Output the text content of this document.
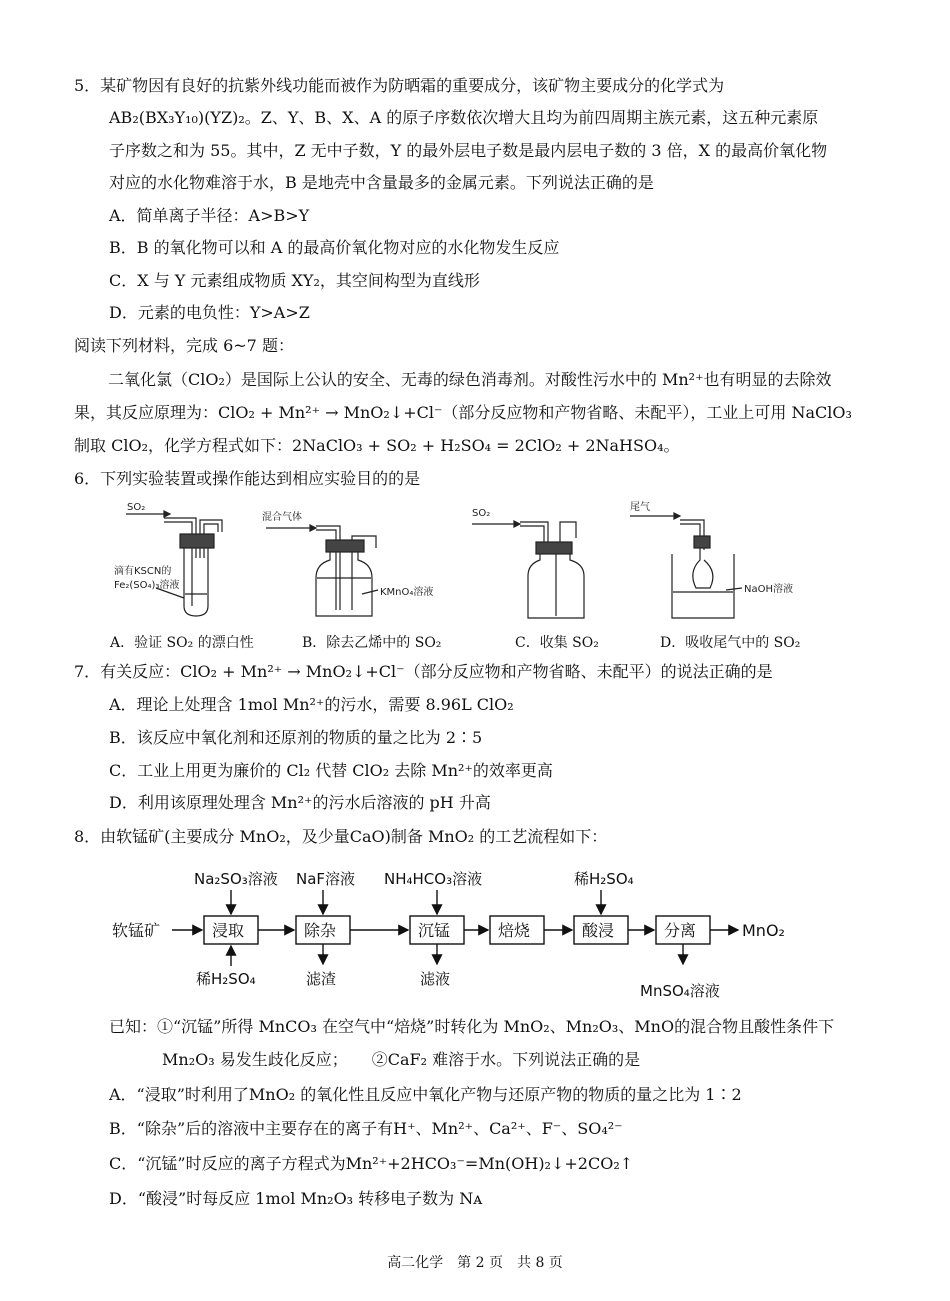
5．某矿物因有良好的抗紫外线功能而被作为防晒霜的重要成分，该矿物主要成分的化学式为
AB₂(BX₃Y₁₀)(YZ)₂。Z、Y、B、X、A 的原子序数依次增大且均为前四周期主族元素，这五种元素原
子序数之和为 55。其中，Z 无中子数，Y 的最外层电子数是最内层电子数的 3 倍，X 的最高价氧化物
对应的水化物难溶于水，B 是地壳中含量最多的金属元素。下列说法正确的是
A．简单离子半径：A>B>Y
B．B 的氧化物可以和 A 的最高价氧化物对应的水化物发生反应
C．X 与 Y 元素组成物质 XY₂，其空间构型为直线形
D．元素的电负性：Y>A>Z
阅读下列材料，完成 6~7 题：
二氧化氯（ClO₂）是国际上公认的安全、无毒的绿色消毒剂。对酸性污水中的 Mn²⁺也有明显的去除效
果，其反应原理为：ClO₂ + Mn²⁺ → MnO₂↓+Cl⁻（部分反应物和产物省略、未配平），工业上可用 NaClO₃
制取 ClO₂，化学方程式如下：2NaClO₃ + SO₂ + H₂SO₄ = 2ClO₂ + 2NaHSO₄。
6．下列实验装置或操作能达到相应实验目的的是
SO₂
滴有KSCN的
Fe₂(SO₄)₃溶液
混合气体
KMnO₄溶液
SO₂
尾气
NaOH溶液
A．验证 SO₂ 的漂白性	B．除去乙烯中的 SO₂	C．收集 SO₂	D．吸收尾气中的 SO₂
7．有关反应：ClO₂ + Mn²⁺ → MnO₂↓+Cl⁻（部分反应物和产物省略、未配平）的说法正确的是
A．理论上处理含 1mol Mn²⁺的污水，需要 8.96L ClO₂
B．该反应中氧化剂和还原剂的物质的量之比为 2∶5
C．工业上用更为廉价的 Cl₂ 代替 ClO₂ 去除 Mn²⁺的效率更高
D．利用该原理处理含 Mn²⁺的污水后溶液的 pH 升高
8．由软锰矿(主要成分 MnO₂，及少量CaO)制备 MnO₂ 的工艺流程如下：
软锰矿	浸取	除杂	沉锰	焙烧	酸浸	分离	MnO₂
Na₂SO₃溶液 NaF溶液 NH₄HCO₃溶液	稀H₂SO₄
稀H₂SO₄	滤渣	滤液
MnSO₄溶液
已知：①“沉锰”所得 MnCO₃ 在空气中“焙烧”时转化为 MnO₂、Mn₂O₃、MnO的混合物且酸性条件下
Mn₂O₃ 易发生歧化反应；　　②CaF₂ 难溶于水。下列说法正确的是
A．“浸取”时利用了MnO₂ 的氧化性且反应中氧化产物与还原产物的物质的量之比为 1∶2
B．“除杂”后的溶液中主要存在的离子有H⁺、Mn²⁺、Ca²⁺、F⁻、SO₄²⁻
C．“沉锰”时反应的离子方程式为Mn²⁺+2HCO₃⁻=Mn(OH)₂↓+2CO₂↑
D．“酸浸”时每反应 1mol Mn₂O₃ 转移电子数为 Nᴀ
高二化学　第 2 页　共 8 页
